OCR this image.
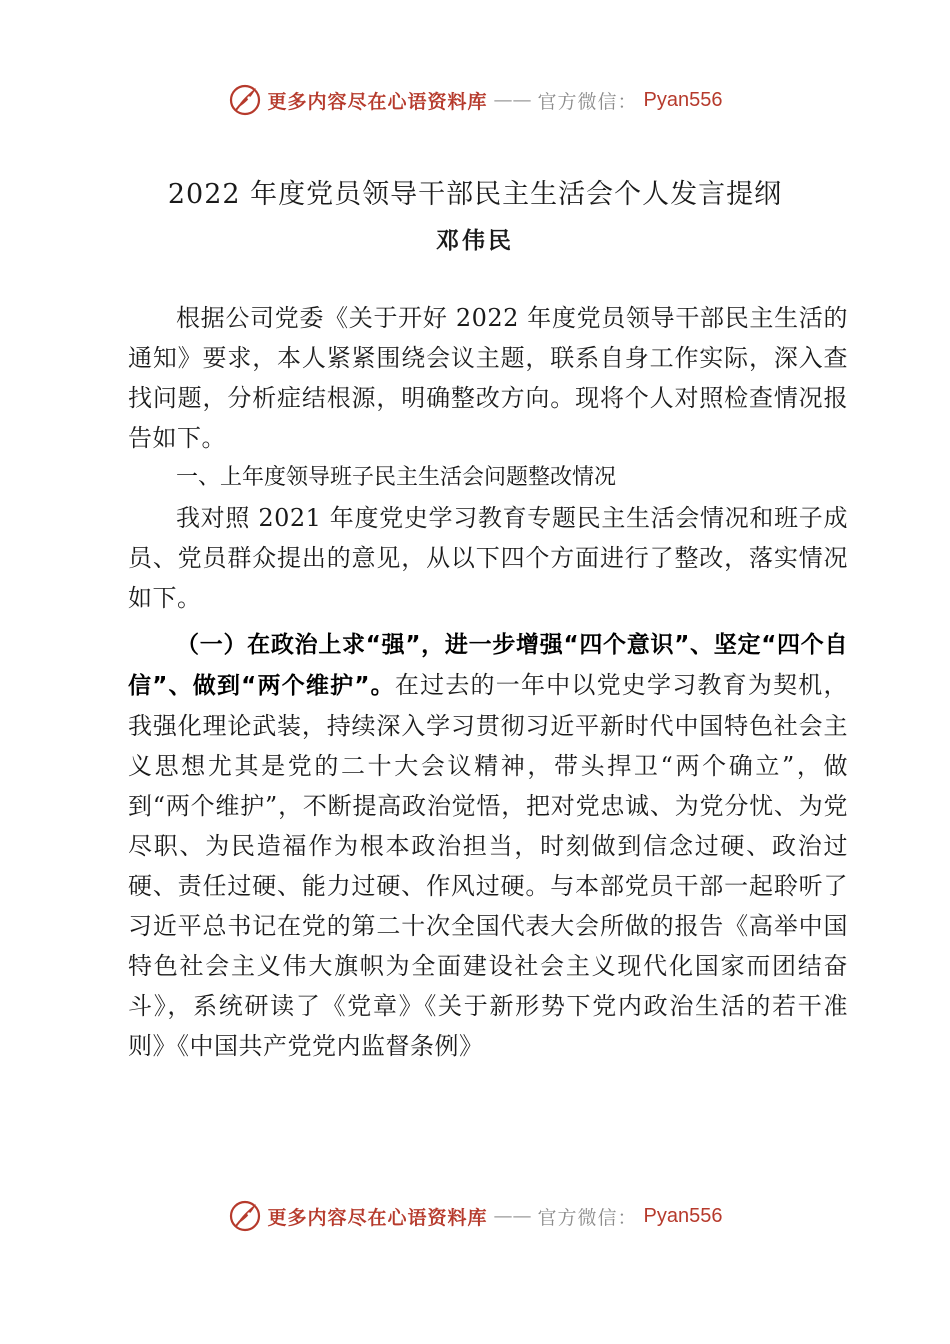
更多内容尽在心语资料库 —— 官方微信： Pyan556
2022 年度党员领导干部民主生活会个人发言提纲

邓伟民

根据公司党委《关于开好 2022 年度党员领导干部民主生活的通知》要求，本人紧紧围绕会议主题，联系自身工作实际，深入查找问题，分析症结根源，明确整改方向。现将个人对照检查情况报告如下。

一、上年度领导班子民主生活会问题整改情况

我对照 2021 年度党史学习教育专题民主生活会情况和班子成员、党员群众提出的意见，从以下四个方面进行了整改，落实情况如下。

（一）在政治上求“强”，进一步增强“四个意识”、坚定“四个自信”、做到“两个维护”。在过去的一年中以党史学习教育为契机，我强化理论武装，持续深入学习贯彻习近平新时代中国特色社会主义思想尤其是党的二十大会议精神，带头捍卫“两个确立”，做到“两个维护”，不断提高政治觉悟，把对党忠诚、为党分忧、为党尽职、为民造福作为根本政治担当，时刻做到信念过硬、政治过硬、责任过硬、能力过硬、作风过硬。与本部党员干部一起聆听了习近平总书记在党的第二十次全国代表大会所做的报告《高举中国特色社会主义伟大旗帜为全面建设社会主义现代化国家而团结奋斗》，系统研读了《党章》《关于新形势下党内政治生活的若干准则》《中国共产党党内监督条例》

更多内容尽在心语资料库 —— 官方微信： Pyan556
